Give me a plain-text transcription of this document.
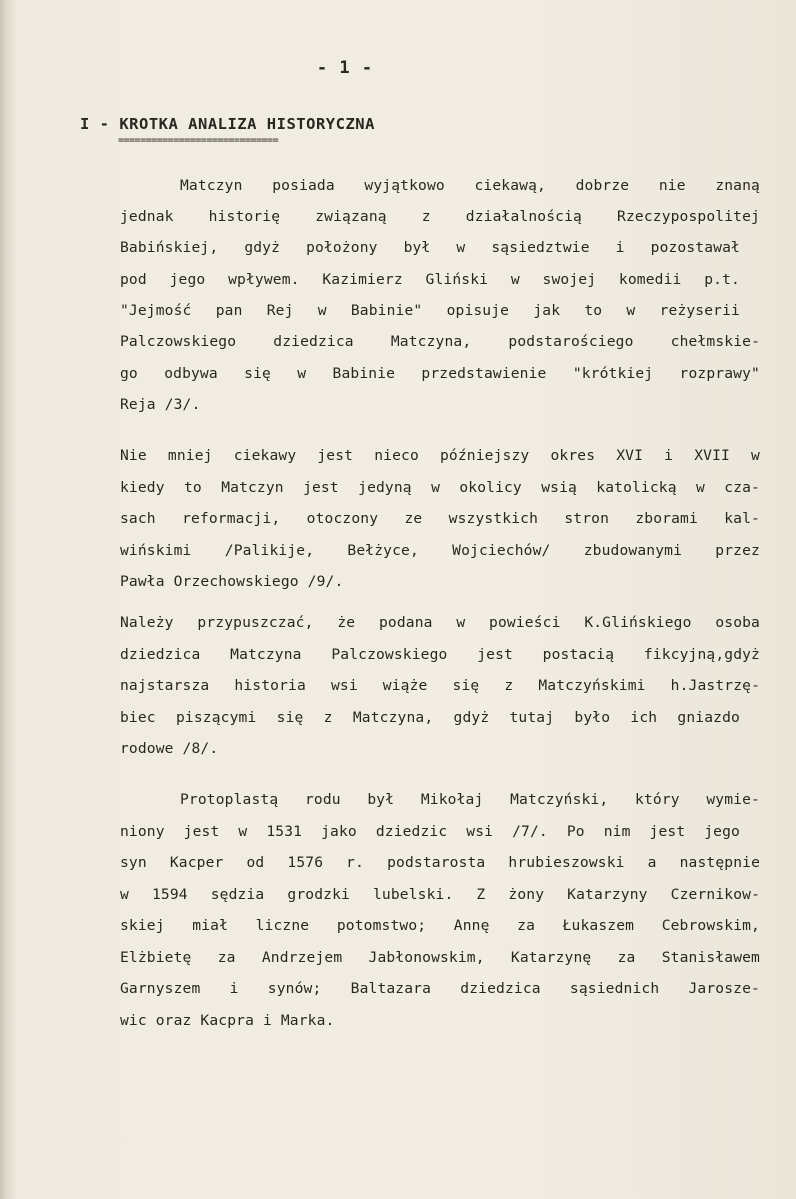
- 1 -
I - KROTKA ANALIZA HISTORYCZNA
=============================
Matczyn posiada wyjątkowo ciekawą, dobrze nie znaną
jednak historię związaną z działalnością Rzeczypospolitej
Babińskiej, gdyż położony był w sąsiedztwie i pozostawał
pod jego wpływem. Kazimierz Gliński w swojej komedii p.t.
"Jejmość pan Rej w Babinie" opisuje jak to w reżyserii
Palczowskiego dziedzica Matczyna, podstarościego chełmskie-
go odbywa się w Babinie przedstawienie "krótkiej rozprawy"
Reja /3/.
Nie mniej ciekawy jest nieco późniejszy okres XVI i XVII w
kiedy to Matczyn jest jedyną w okolicy wsią katolicką w cza-
sach reformacji, otoczony ze wszystkich stron zborami kal-
wińskimi /Palikije, Bełżyce, Wojciechów/ zbudowanymi przez
Pawła Orzechowskiego /9/.
Należy przypuszczać, że podana w powieści K.Glińskiego osoba
dziedzica Matczyna Palczowskiego jest postacią fikcyjną,gdyż
najstarsza historia wsi wiąże się z Matczyńskimi h.Jastrzę-
biec piszącymi się z Matczyna, gdyż tutaj było ich gniazdo
rodowe /8/.
Protoplastą rodu był Mikołaj Matczyński, który wymie-
niony jest w 1531 jako dziedzic wsi /7/. Po nim jest jego
syn Kacper od 1576 r. podstarosta hrubieszowski a następnie
w 1594 sędzia grodzki lubelski. Z żony Katarzyny Czernikow-
skiej miał liczne potomstwo; Annę za Łukaszem Cebrowskim,
Elżbietę za Andrzejem Jabłonowskim, Katarzynę za Stanisławem
Garnyszem i synów; Baltazara dziedzica sąsiednich Jarosze-
wic oraz Kacpra i Marka.
